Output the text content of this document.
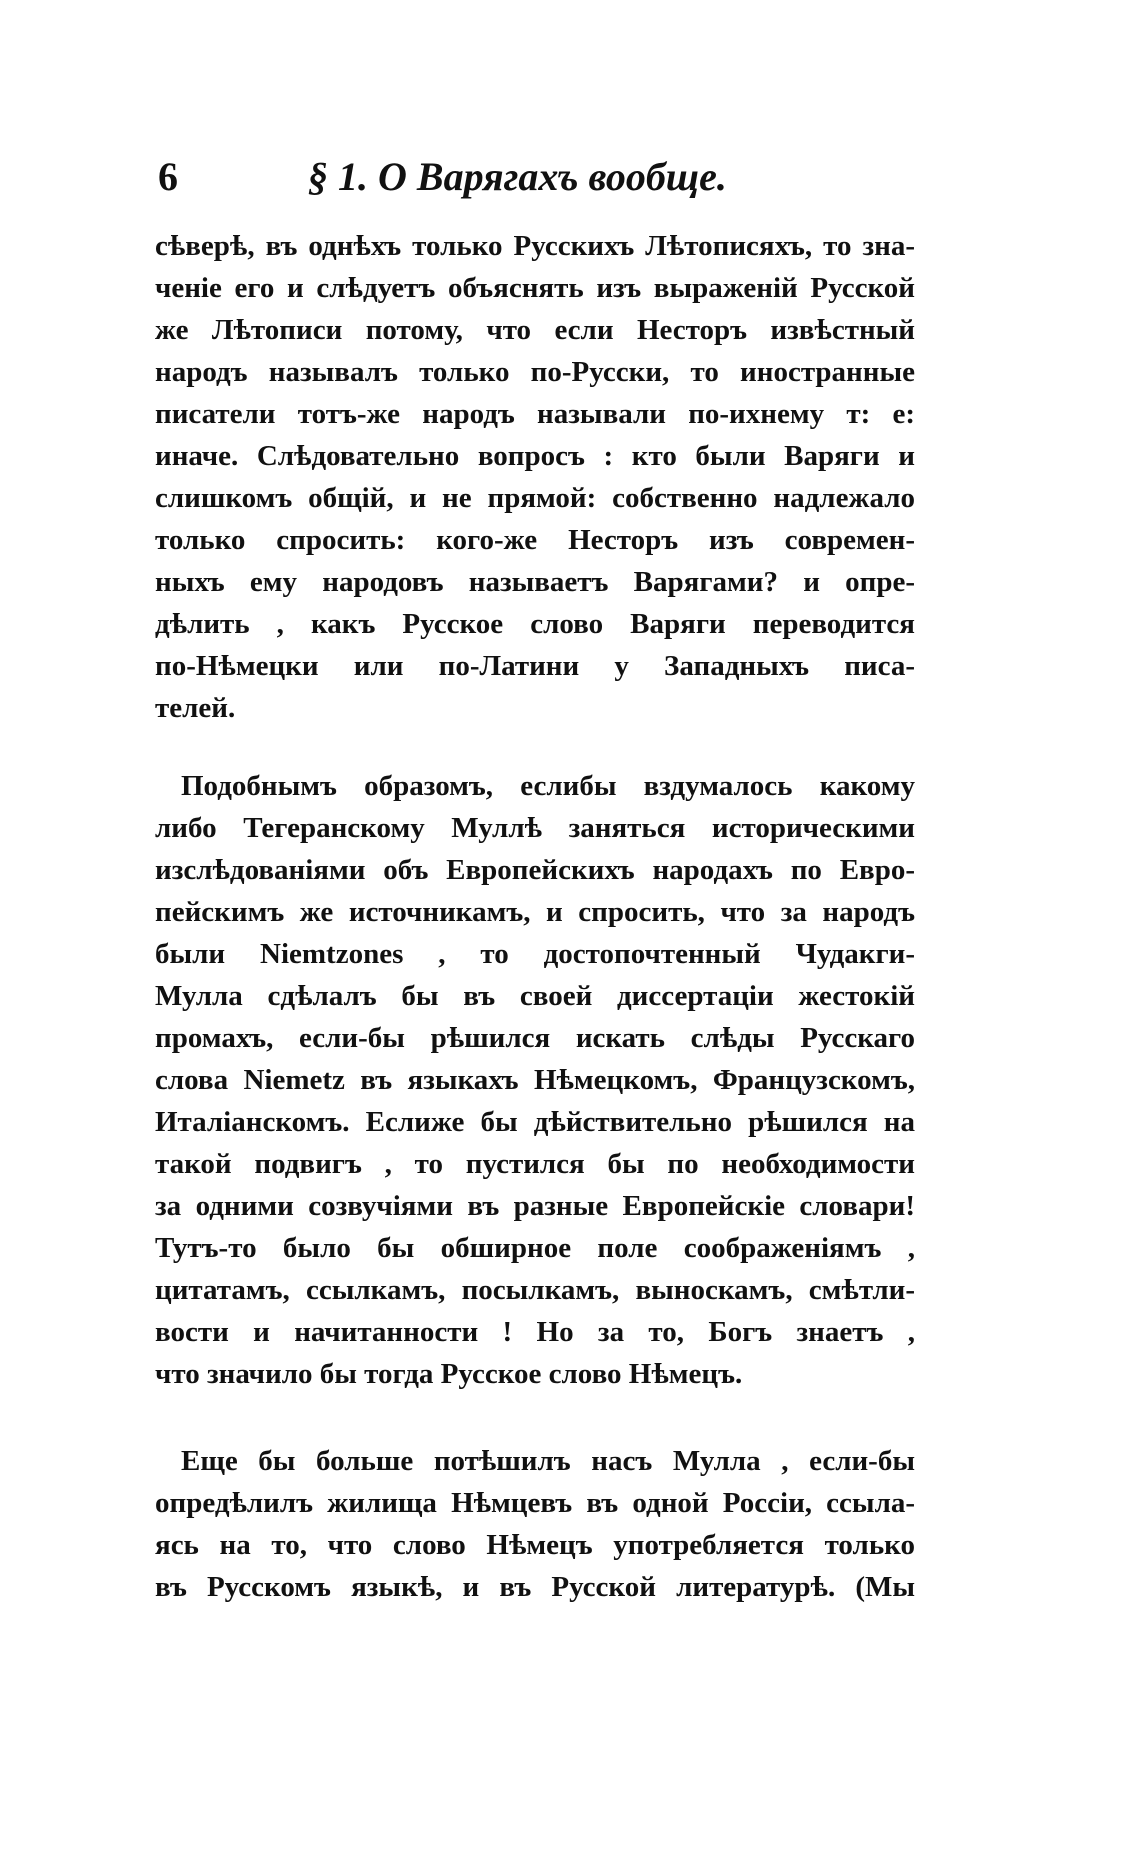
6	§ 1. О Варягахъ вообще.
сѣверѣ, въ однѣхъ только Русскихъ Лѣтописяхъ, то зна-
ченіе его и слѣдуетъ объяснять изъ выраженій Русской
же Лѣтописи потому, что если Несторъ извѣстный
народъ называлъ только по-Русски, то иностранные
писатели тотъ-же народъ называли по-ихнему т: е:
иначе. Слѣдовательно вопросъ : кто были Варяги и
слишкомъ общій, и не прямой: собственно надлежало
только спросить: кого-же Несторъ изъ современ-
ныхъ ему народовъ называетъ Варягами? и опре-
дѣлить , какъ Русское слово Варяги переводится
по-Нѣмецки или по-Латини у Западныхъ писа-
телей.
Подобнымъ образомъ, еслибы вздумалось какому
либо Тегеранскому Муллѣ заняться историческими
изслѣдованіями объ Европейскихъ народахъ по Евро-
пейскимъ же источникамъ, и спросить, что за народъ
были Niemtzones , то достопочтенный Чудакги-
Мулла сдѣлалъ бы въ своей диссертаціи жестокій
промахъ, если-бы рѣшился искать слѣды Русскаго
слова Niemetz въ языкахъ Нѣмецкомъ, Французскомъ,
Италіанскомъ. Еслиже бы дѣйствительно рѣшился на
такой подвигъ , то пустился бы по необходимости
за одними созвучіями въ разные Европейскіе словари!
Тутъ-то было бы обширное поле соображеніямъ ,
цитатамъ, ссылкамъ, посылкамъ, выноскамъ, смѣтли-
вости и начитанности ! Но за то, Богъ знаетъ ,
что значило бы тогда Русское слово Нѣмецъ.
Еще бы больше потѣшилъ насъ Мулла , если-бы
опредѣлилъ жилища Нѣмцевъ въ одной Россіи, ссыла-
ясь на то, что слово Нѣмецъ употребляется только
въ Русскомъ языкѣ, и въ Русской литературѣ. (Мы
